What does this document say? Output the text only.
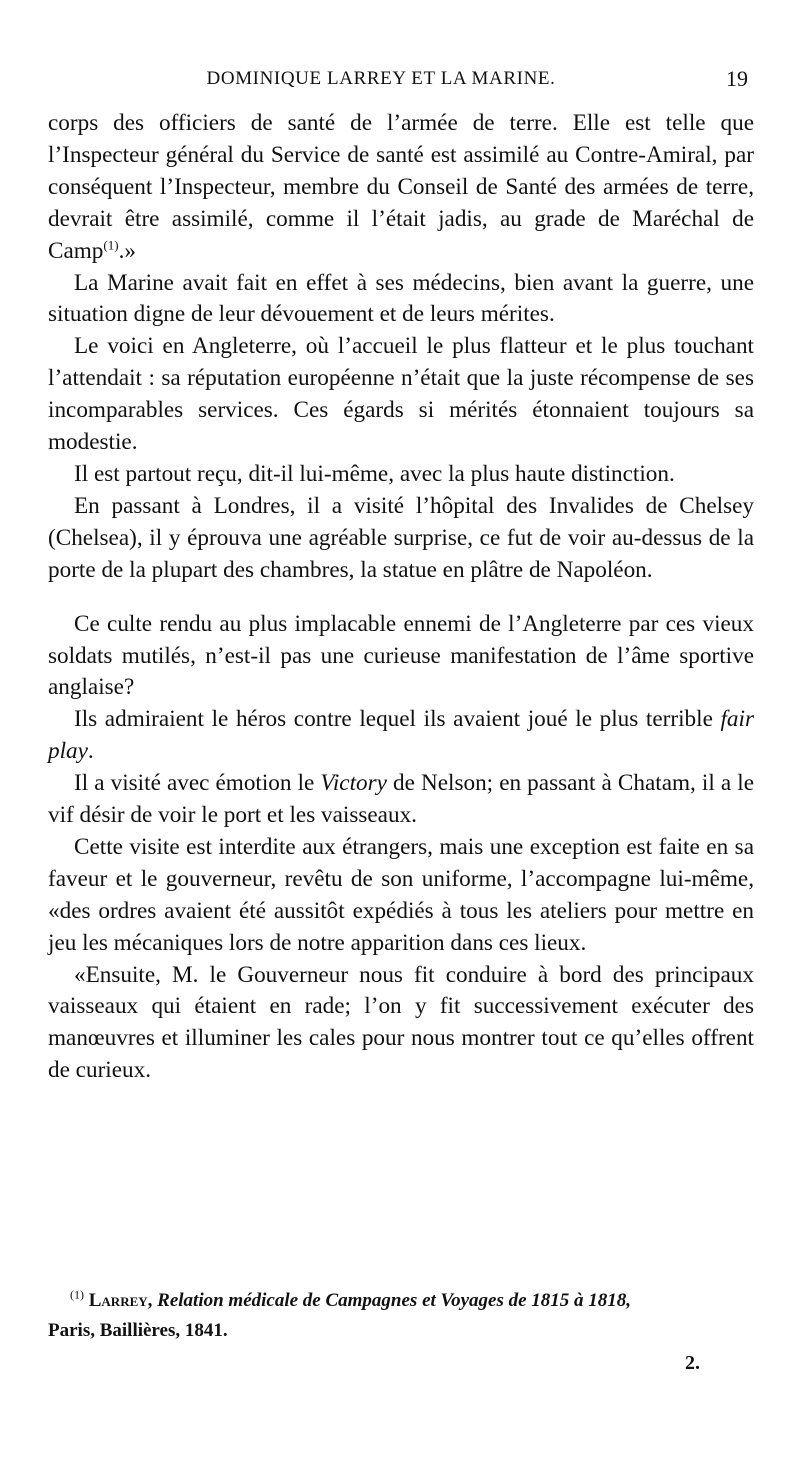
DOMINIQUE LARREY ET LA MARINE.	19

corps des officiers de santé de l’armée de terre. Elle est telle que l’Inspecteur général du Service de santé est assimilé au Contre-Amiral, par conséquent l’Inspecteur, membre du Conseil de Santé des armées de terre, devrait être assimilé, comme il l’était jadis, au grade de Maréchal de Camp$^{(1)}$.»

La Marine avait fait en effet à ses médecins, bien avant la guerre, une situation digne de leur dévouement et de leurs mérites.

Le voici en Angleterre, où l’accueil le plus flatteur et le plus touchant l’attendait : sa réputation européenne n’était que la juste récompense de ses incomparables services. Ces égards si mérités étonnaient toujours sa modestie.

Il est partout reçu, dit-il lui-même, avec la plus haute distinction.

En passant à Londres, il a visité l’hôpital des Invalides de Chelsey (Chelsea), il y éprouva une agréable surprise, ce fut de voir au-dessus de la porte de la plupart des chambres, la statue en plâtre de Napoléon.

Ce culte rendu au plus implacable ennemi de l’Angleterre par ces vieux soldats mutilés, n’est-il pas une curieuse manifestation de l’âme sportive anglaise?

Ils admiraient le héros contre lequel ils avaient joué le plus terrible fair play.

Il a visité avec émotion le Victory de Nelson; en passant à Chatam, il a le vif désir de voir le port et les vaisseaux.

Cette visite est interdite aux étrangers, mais une exception est faite en sa faveur et le gouverneur, revêtu de son uniforme, l’accompagne lui-même, «des ordres avaient été aussitôt expédiés à tous les ateliers pour mettre en jeu les mécaniques lors de notre apparition dans ces lieux.

«Ensuite, M. le Gouverneur nous fit conduire à bord des principaux vaisseaux qui étaient en rade; l’on y fit successivement exécuter des manœuvres et illuminer les cales pour nous montrer tout ce qu’elles offrent de curieux.

$^{(1)}$ Larrey, Relation médicale de Campagnes et Voyages de 1815 à 1818,
Paris, Baillières, 1841.

2.
